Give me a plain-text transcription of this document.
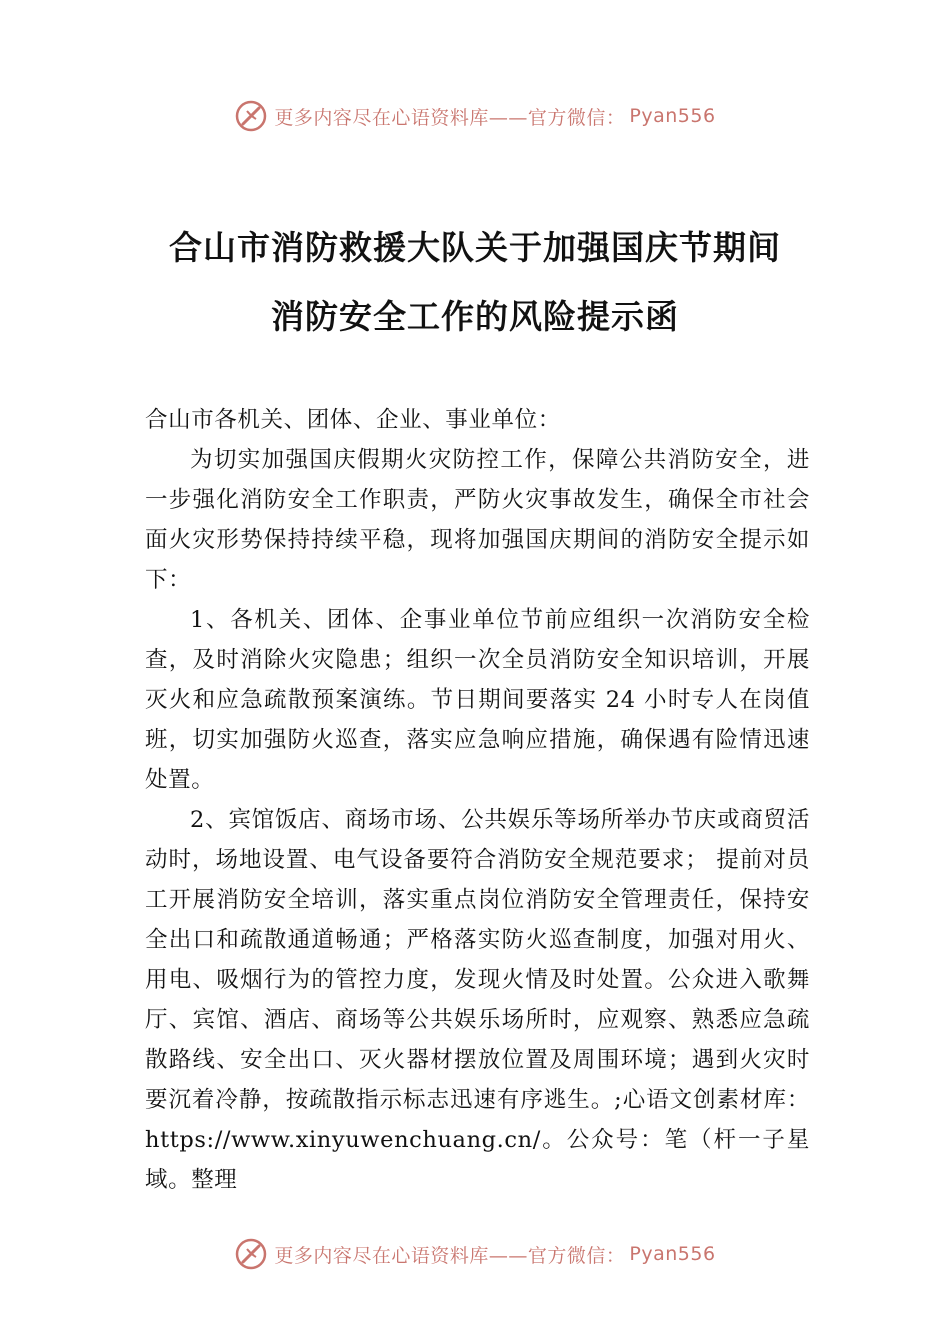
更多内容尽在心语资料库——官方微信： Pyan556
合山市消防救援大队关于加强国庆节期间
消防安全工作的风险提示函

合山市各机关、团体、企业、事业单位：

为切实加强国庆假期火灾防控工作，保障公共消防安全，进一步强化消防安全工作职责，严防火灾事故发生，确保全市社会面火灾形势保持持续平稳，现将加强国庆期间的消防安全提示如下：

1、各机关、团体、企事业单位节前应组织一次消防安全检查，及时消除火灾隐患；组织一次全员消防安全知识培训，开展灭火和应急疏散预案演练。节日期间要落实 24 小时专人在岗值班，切实加强防火巡查，落实应急响应措施，确保遇有险情迅速处置。

2、宾馆饭店、商场市场、公共娱乐等场所举办节庆或商贸活动时，场地设置、电气设备要符合消防安全规范要求； 提前对员工开展消防安全培训，落实重点岗位消防安全管理责任，保持安全出口和疏散通道畅通；严格落实防火巡查制度，加强对用火、用电、吸烟行为的管控力度，发现火情及时处置。公众进入歌舞厅、宾馆、酒店、商场等公共娱乐场所时，应观察、熟悉应急疏散路线、安全出口、灭火器材摆放位置及周围环境；遇到火灾时要沉着冷静，按疏散指示标志迅速有序逃生。;心语文创素材库：https://www.xinyuwenchuang.cn/。公众号：笔（杆一子星域。整理

更多内容尽在心语资料库——官方微信： Pyan556
